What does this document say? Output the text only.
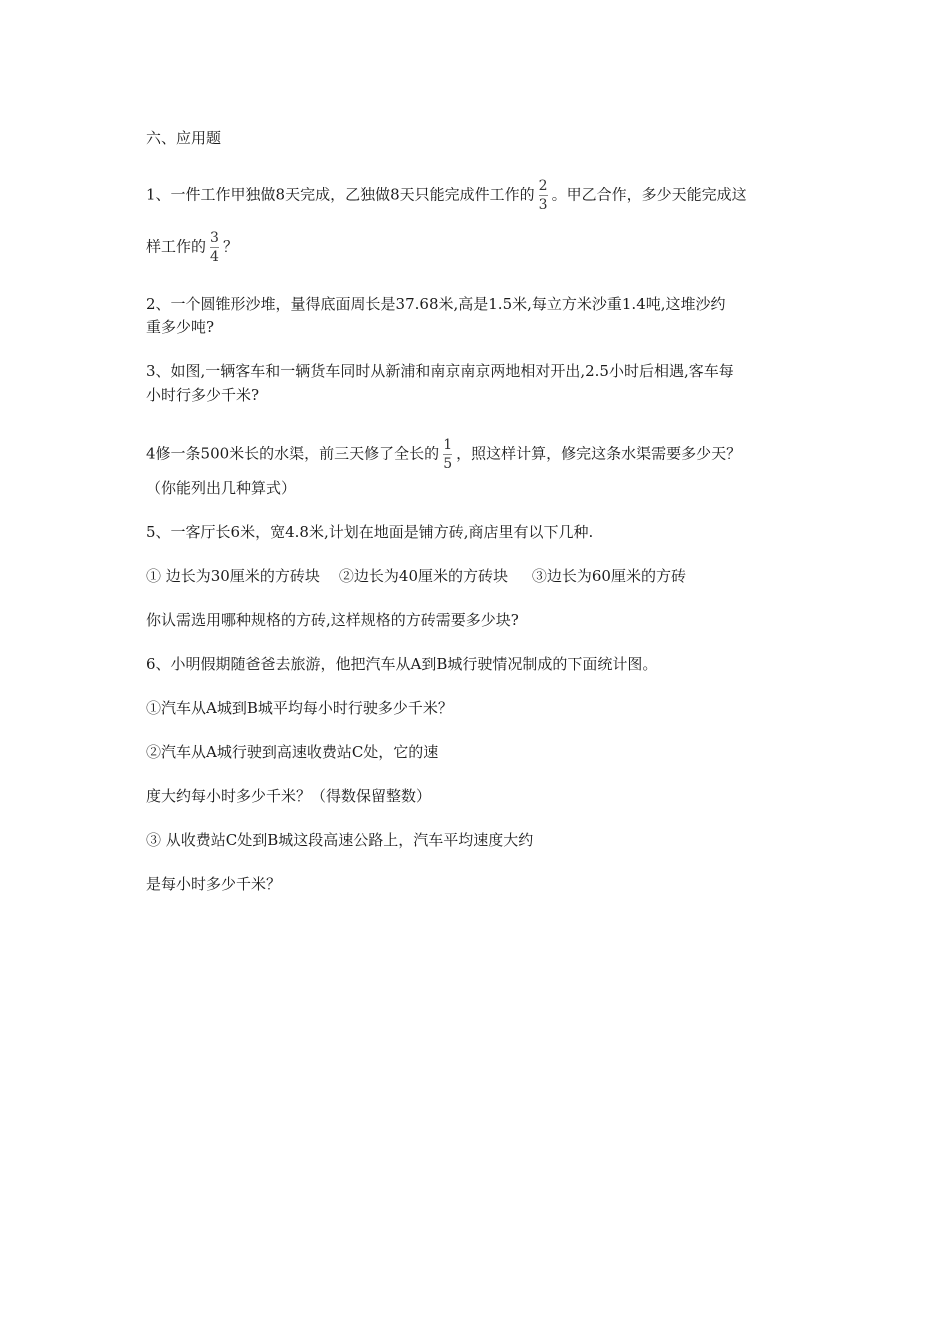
六、应用题
1、一件工作甲独做8天完成，乙独做8天只能完成件工作的 $\frac{2}{3}$ 。甲乙合作，多少天能完成这
样工作的 $\frac{3}{4}$ ？
2、一个圆锥形沙堆，量得底面周长是37.68米,高是1.5米,每立方米沙重1.4吨,这堆沙约
重多少吨?
3、如图,一辆客车和一辆货车同时从新浦和南京南京两地相对开出,2.5小时后相遇,客车每
小时行多少千米?
4修一条500米长的水渠，前三天修了全长的 $\frac{1}{5}$ ，照这样计算，修完这条水渠需要多少天？
（你能列出几种算式）
5、一客厅长6米，宽4.8米,计划在地面是铺方砖,商店里有以下几种.
① 边长为30厘米的方砖块    ②边长为40厘米的方砖块     ③边长为60厘米的方砖
你认需选用哪种规格的方砖,这样规格的方砖需要多少块?
6、小明假期随爸爸去旅游，他把汽车从A到B城行驶情况制成的下面统计图。
①汽车从A城到B城平均每小时行驶多少千米？
②汽车从A城行驶到高速收费站C处，它的速
度大约每小时多少千米？（得数保留整数）
③ 从收费站C处到B城这段高速公路上，汽车平均速度大约
是每小时多少千米？
